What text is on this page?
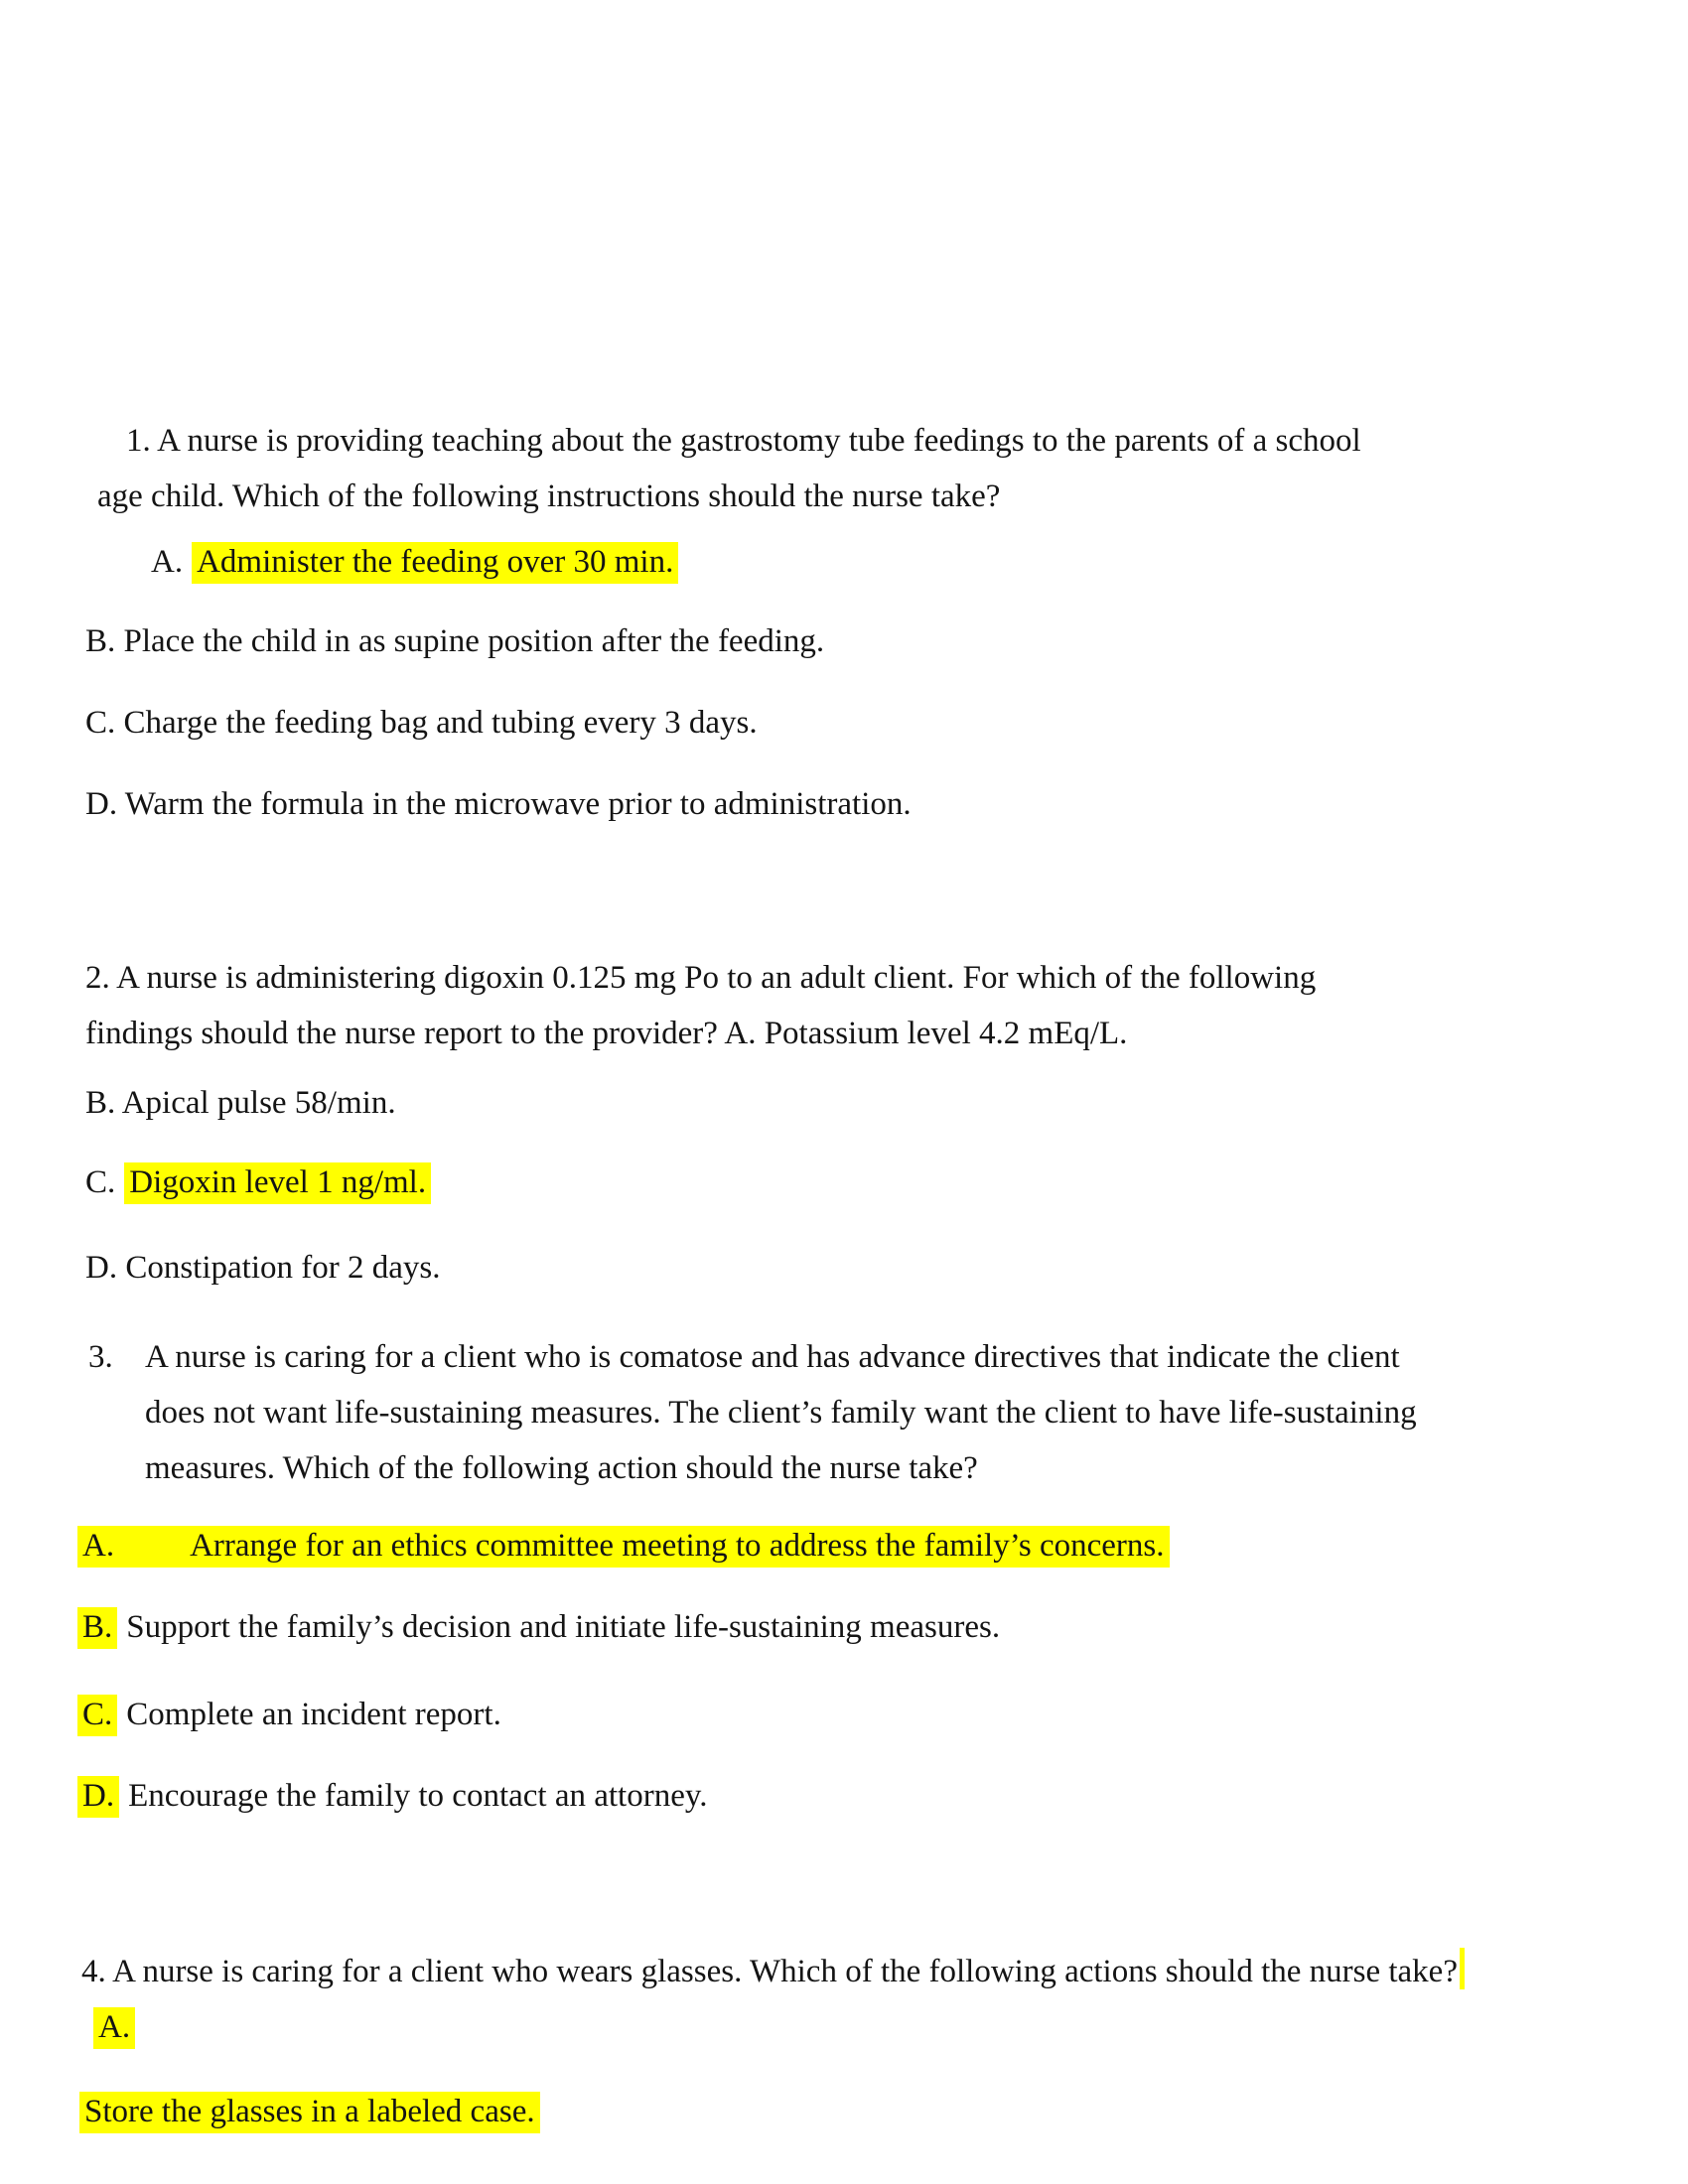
1. A nurse is providing teaching about the gastrostomy tube feedings to the parents of a school
age child. Which of the following instructions should the nurse take?
A. Administer the feeding over 30 min.
B. Place the child in as supine position after the feeding.
C. Charge the feeding bag and tubing every 3 days.
D. Warm the formula in the microwave prior to administration.
2. A nurse is administering digoxin 0.125 mg Po to an adult client. For which of the following
findings should the nurse report to the provider? A. Potassium level 4.2 mEq/L.
B. Apical pulse 58/min.
C. Digoxin level 1 ng/ml.
D. Constipation for 2 days.
3. A nurse is caring for a client who is comatose and has advance directives that indicate the client
does not want life-sustaining measures. The client’s family want the client to have life-sustaining
measures. Which of the following action should the nurse take?
A. Arrange for an ethics committee meeting to address the family’s concerns.
B. Support the family’s decision and initiate life-sustaining measures.
C. Complete an incident report.
D. Encourage the family to contact an attorney.
4. A nurse is caring for a client who wears glasses. Which of the following actions should the nurse take?
A.
Store the glasses in a labeled case.
